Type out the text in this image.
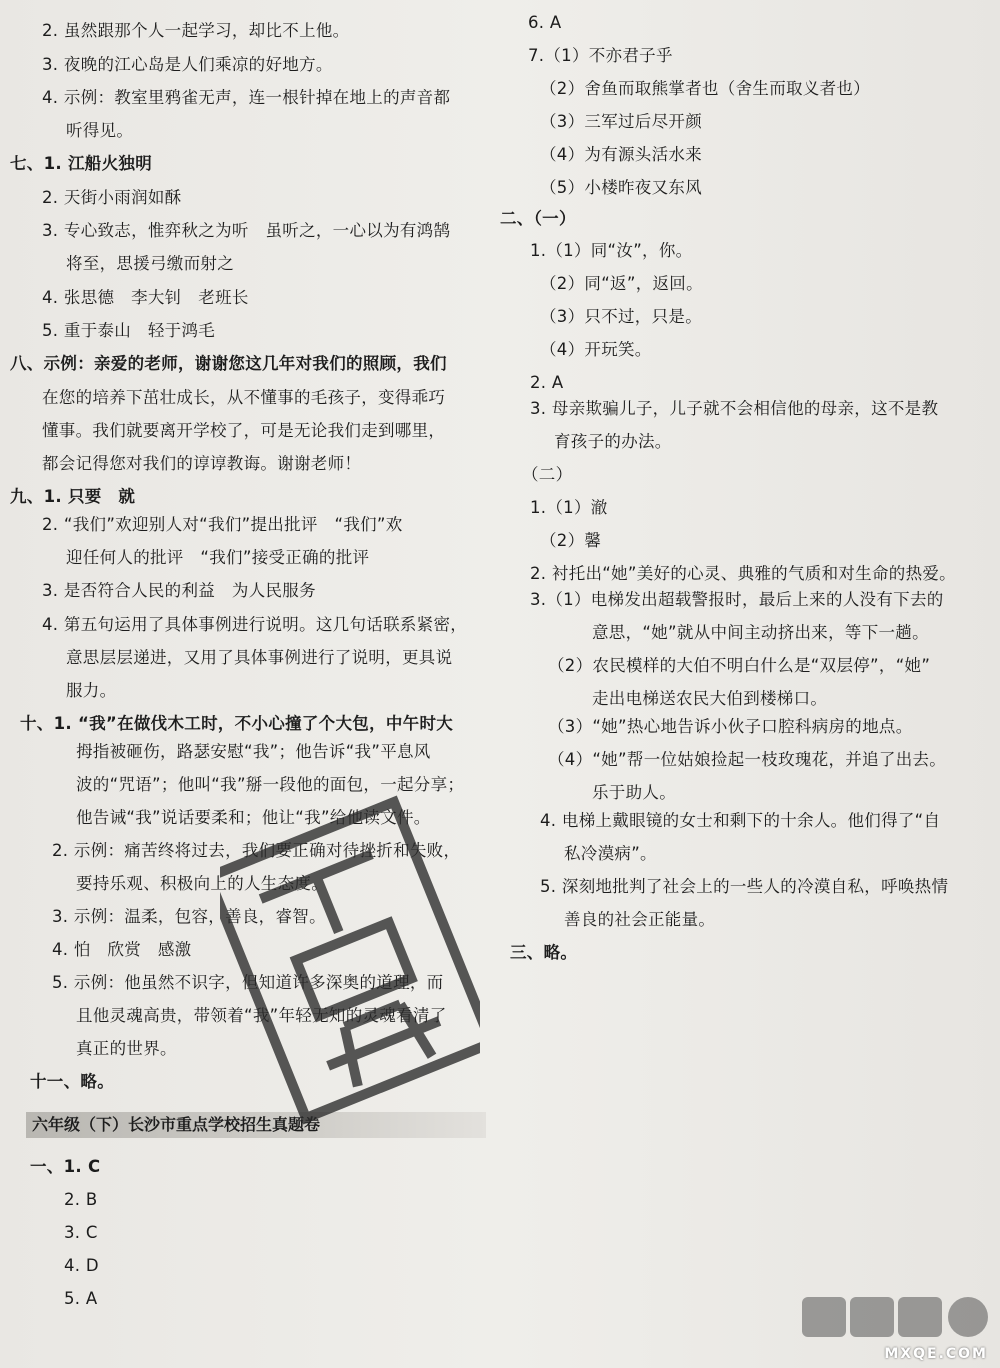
2. 虽然跟那个人一起学习，却比不上他。
3. 夜晚的江心岛是人们乘凉的好地方。
4. 示例：教室里鸦雀无声，连一根针掉在地上的声音都
听得见。
七、1. 江船火独明
2. 天街小雨润如酥
3. 专心致志，惟弈秋之为听　虽听之，一心以为有鸿鹄
将至，思援弓缴而射之
4. 张思德　李大钊　老班长
5. 重于泰山　轻于鸿毛
八、示例：亲爱的老师，谢谢您这几年对我们的照顾，我们
在您的培养下茁壮成长，从不懂事的毛孩子，变得乖巧
懂事。我们就要离开学校了，可是无论我们走到哪里，
都会记得您对我们的谆谆教诲。谢谢老师！
九、1. 只要　就
2. “我们”欢迎别人对“我们”提出批评　“我们”欢
迎任何人的批评　“我们”接受正确的批评
3. 是否符合人民的利益　为人民服务
4. 第五句运用了具体事例进行说明。这几句话联系紧密，
意思层层递进，又用了具体事例进行了说明，更具说
服力。
十、1. “我”在做伐木工时，不小心撞了个大包，中午时大
拇指被砸伤，路瑟安慰“我”；他告诉“我”平息风
波的“咒语”；他叫“我”掰一段他的面包，一起分享；
他告诫“我”说话要柔和；他让“我”给他读文件。
2. 示例：痛苦终将过去，我们要正确对待挫折和失败，
要持乐观、积极向上的人生态度。
3. 示例：温柔，包容，善良，睿智。
4. 怕　欣赏　感激
5. 示例：他虽然不识字，但知道许多深奥的道理，而
且他灵魂高贵，带领着“我”年轻无知的灵魂看清了
真正的世界。
十一、略。
一、1. C
2. B
3. C
4. D
5. A
六年级（下）长沙市重点学校招生真题卷
6. A
7.（1）不亦君子乎
（2）舍鱼而取熊掌者也（舍生而取义者也）
（3）三军过后尽开颜
（4）为有源头活水来
（5）小楼昨夜又东风
二、（一）
1.（1）同“汝”，你。
（2）同“返”，返回。
（3）只不过，只是。
（4）开玩笑。
2. A
3. 母亲欺骗儿子，儿子就不会相信他的母亲，这不是教
育孩子的办法。
（二）
1.（1）澈
（2）馨
2. 衬托出“她”美好的心灵、典雅的气质和对生命的热爱。
3.（1）电梯发出超载警报时，最后上来的人没有下去的
意思，“她”就从中间主动挤出来，等下一趟。
（2）农民模样的大伯不明白什么是“双层停”，“她”
走出电梯送农民大伯到楼梯口。
（3）“她”热心地告诉小伙子口腔科病房的地点。
（4）“她”帮一位姑娘捡起一枝玫瑰花，并追了出去。
乐于助人。
4. 电梯上戴眼镜的女士和剩下的十余人。他们得了“自
私冷漠病”。
5. 深刻地批判了社会上的一些人的冷漠自私，呼唤热情
善良的社会正能量。
三、略。
MXQE.COM
